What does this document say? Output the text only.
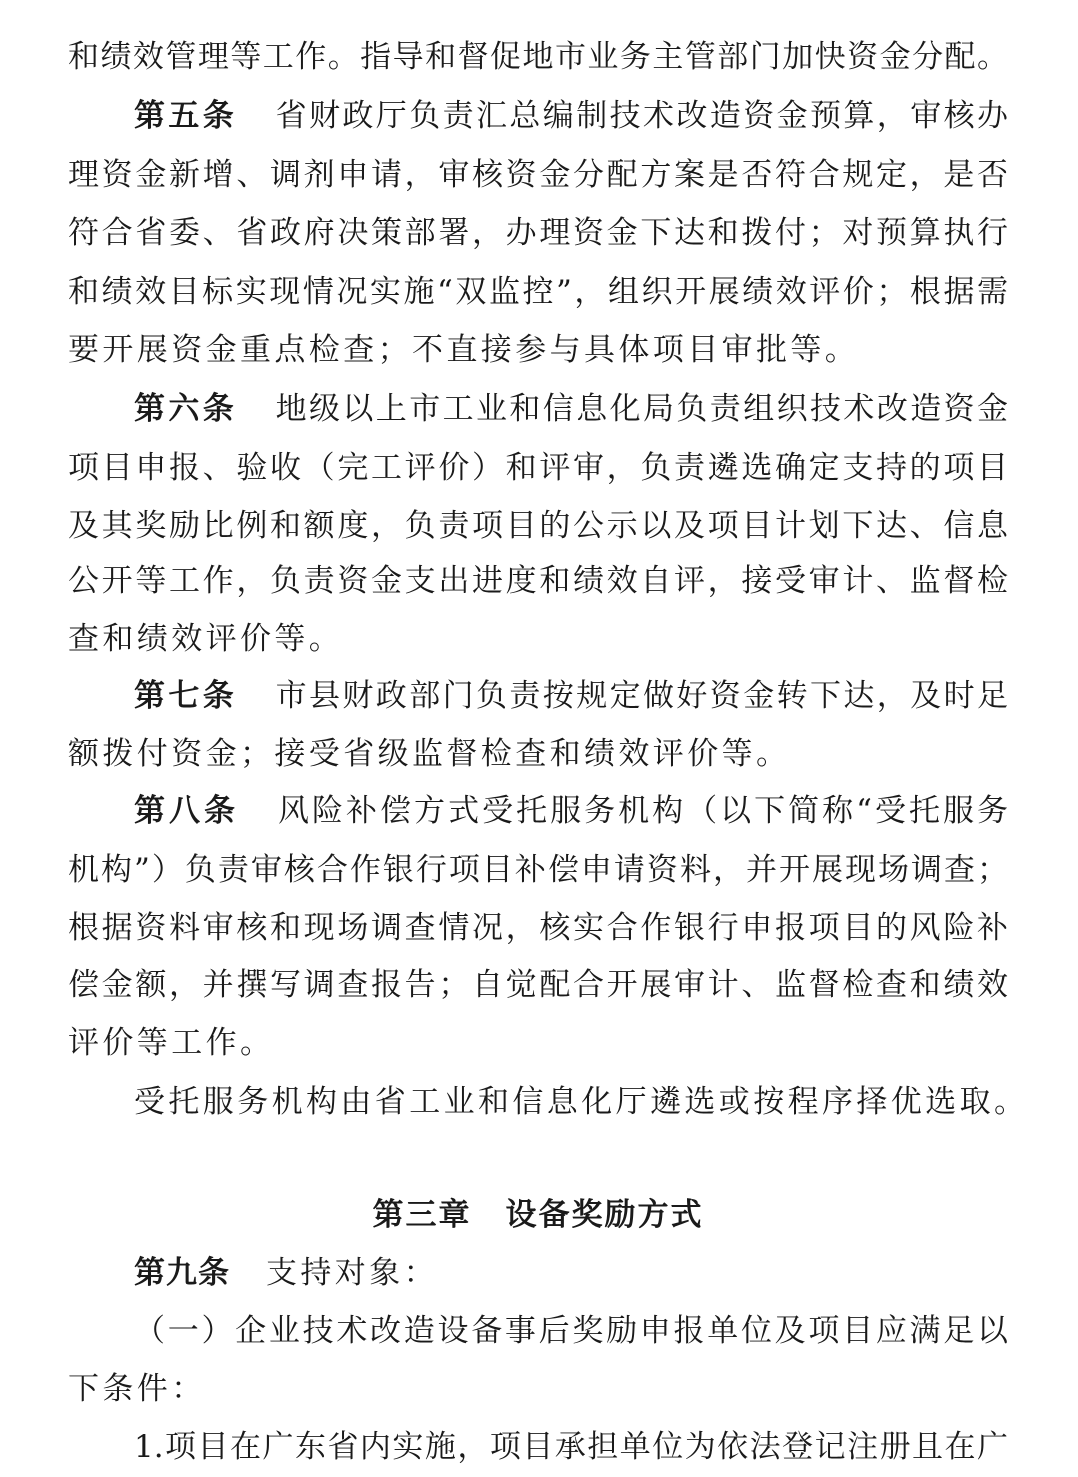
和绩效管理等工作。指导和督促地市业务主管部门加快资金分配。
第五条 省财政厅负责汇总编制技术改造资金预算，审核办
理资金新增、调剂申请，审核资金分配方案是否符合规定，是否
符合省委、省政府决策部署，办理资金下达和拨付；对预算执行
和绩效目标实现情况实施“双监控”，组织开展绩效评价；根据需
要开展资金重点检查；不直接参与具体项目审批等。
第六条 地级以上市工业和信息化局负责组织技术改造资金
项目申报、验收（完工评价）和评审，负责遴选确定支持的项目
及其奖励比例和额度，负责项目的公示以及项目计划下达、信息
公开等工作，负责资金支出进度和绩效自评，接受审计、监督检
查和绩效评价等。
第七条 市县财政部门负责按规定做好资金转下达，及时足
额拨付资金；接受省级监督检查和绩效评价等。
第八条 风险补偿方式受托服务机构（以下简称“受托服务
机构”）负责审核合作银行项目补偿申请资料，并开展现场调查；
根据资料审核和现场调查情况，核实合作银行申报项目的风险补
偿金额，并撰写调查报告；自觉配合开展审计、监督检查和绩效
评价等工作。
受托服务机构由省工业和信息化厅遴选或按程序择优选取。
第三章 设备奖励方式
第九条 支持对象：
（一）企业技术改造设备事后奖励申报单位及项目应满足以
下条件：
1.项目在广东省内实施，项目承担单位为依法登记注册且在广
